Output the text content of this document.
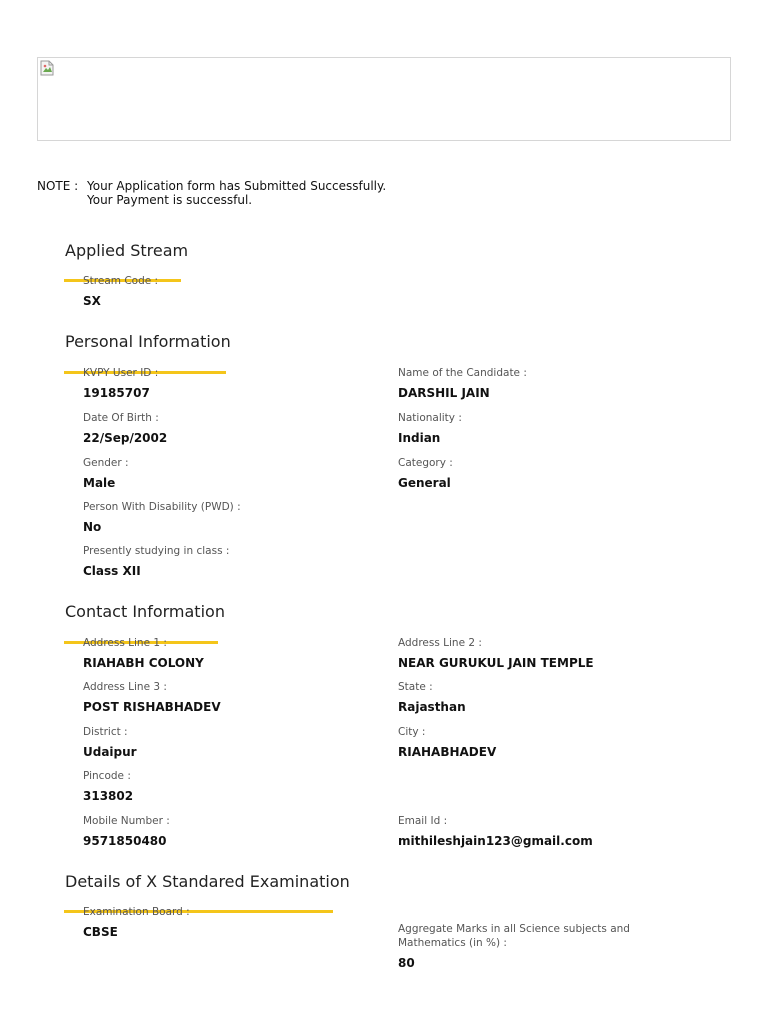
NOTE : Your Application form has Submitted Successfully.
Your Payment is successful.
Applied Stream
Stream Code :
SX
Personal Information
KVPY User ID :
19185707
Name of the Candidate :
DARSHIL JAIN
Date Of Birth :
22/Sep/2002
Nationality :
Indian
Gender :
Male
Category :
General
Person With Disability (PWD) :
No
Presently studying in class :
Class XII
Contact Information
Address Line 1 :
RIAHABH COLONY
Address Line 2 :
NEAR GURUKUL JAIN TEMPLE
Address Line 3 :
POST RISHABHADEV
State :
Rajasthan
District :
Udaipur
City :
RIAHABHADEV
Pincode :
313802
Mobile Number :
9571850480
Email Id :
mithileshjain123@gmail.com
Details of X Standared Examination
Examination Board :
CBSE	Aggregate Marks in all Science subjects and Mathematics (in %) :
80
